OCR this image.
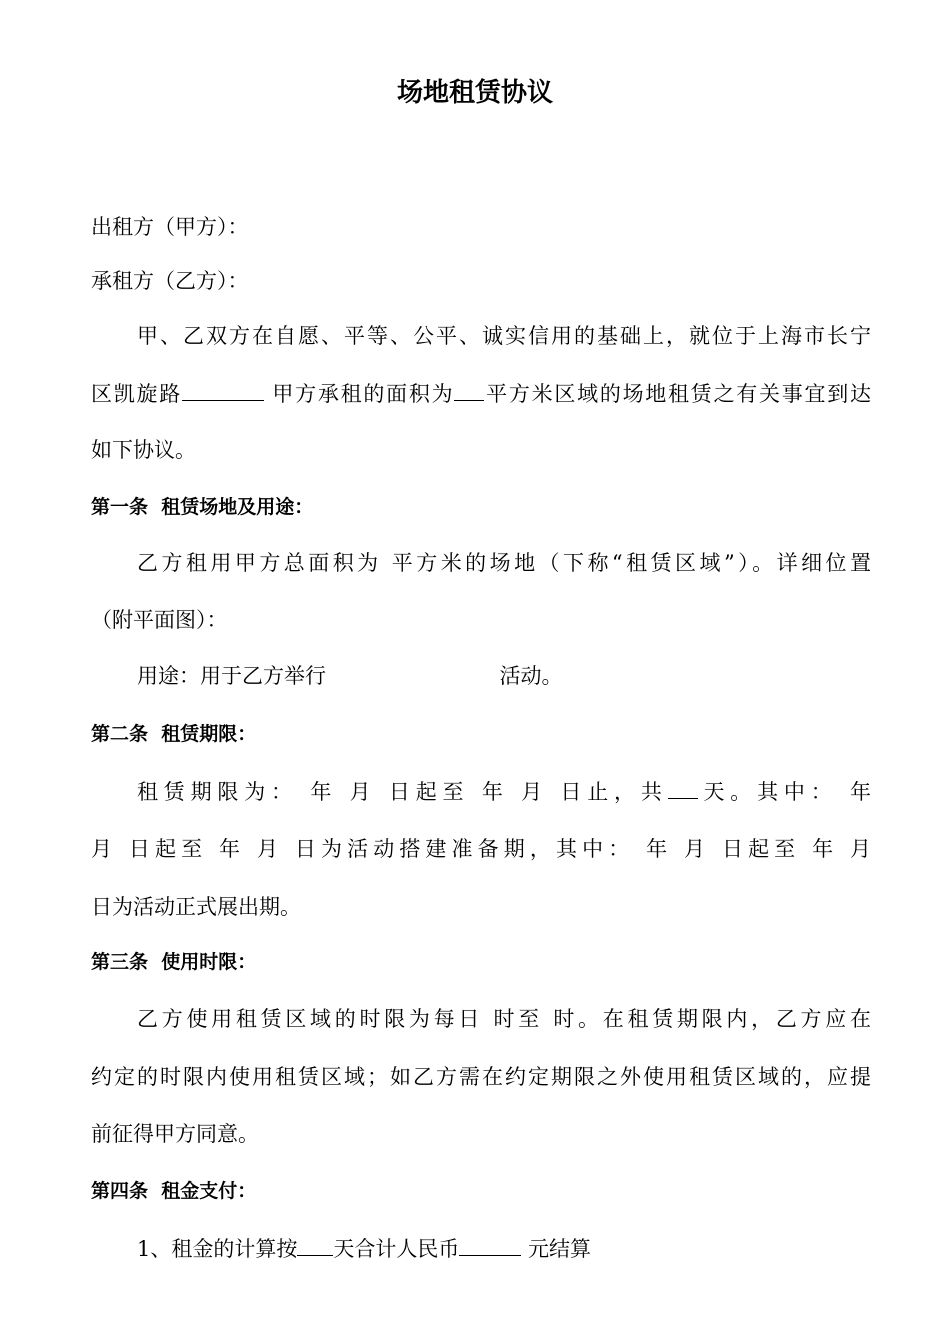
场地租赁协议
出租方（甲方）：
承租方（乙方）：
甲、乙双方在自愿、平等、公平、诚实信用的基础上，就位于上海市长宁
区凯旋路	甲方承租的面积为 平方米区域的场地租赁之有关事宜到达
如下协议。
第一条  租赁场地及用途：
乙方租用甲方总面积为 平方米的场地（下称“租赁区域”）。详细位置
（附平面图）：
用途：用于乙方举行                          活动。
第二条  租赁期限：
租赁期限为： 年 月 日起至 年 月 日止，共 天。其中： 年
月 日起至 年 月 日为活动搭建准备期，其中： 年 月 日起至 年 月
日为活动正式展出期。
第三条  使用时限：
乙方使用租赁区域的时限为每日 时至 时。在租赁期限内，乙方应在
约定的时限内使用租赁区域；如乙方需在约定期限之外使用租赁区域的，应提
前征得甲方同意。
第四条  租金支付：
1、租金的计算按 天合计人民币	元结算
